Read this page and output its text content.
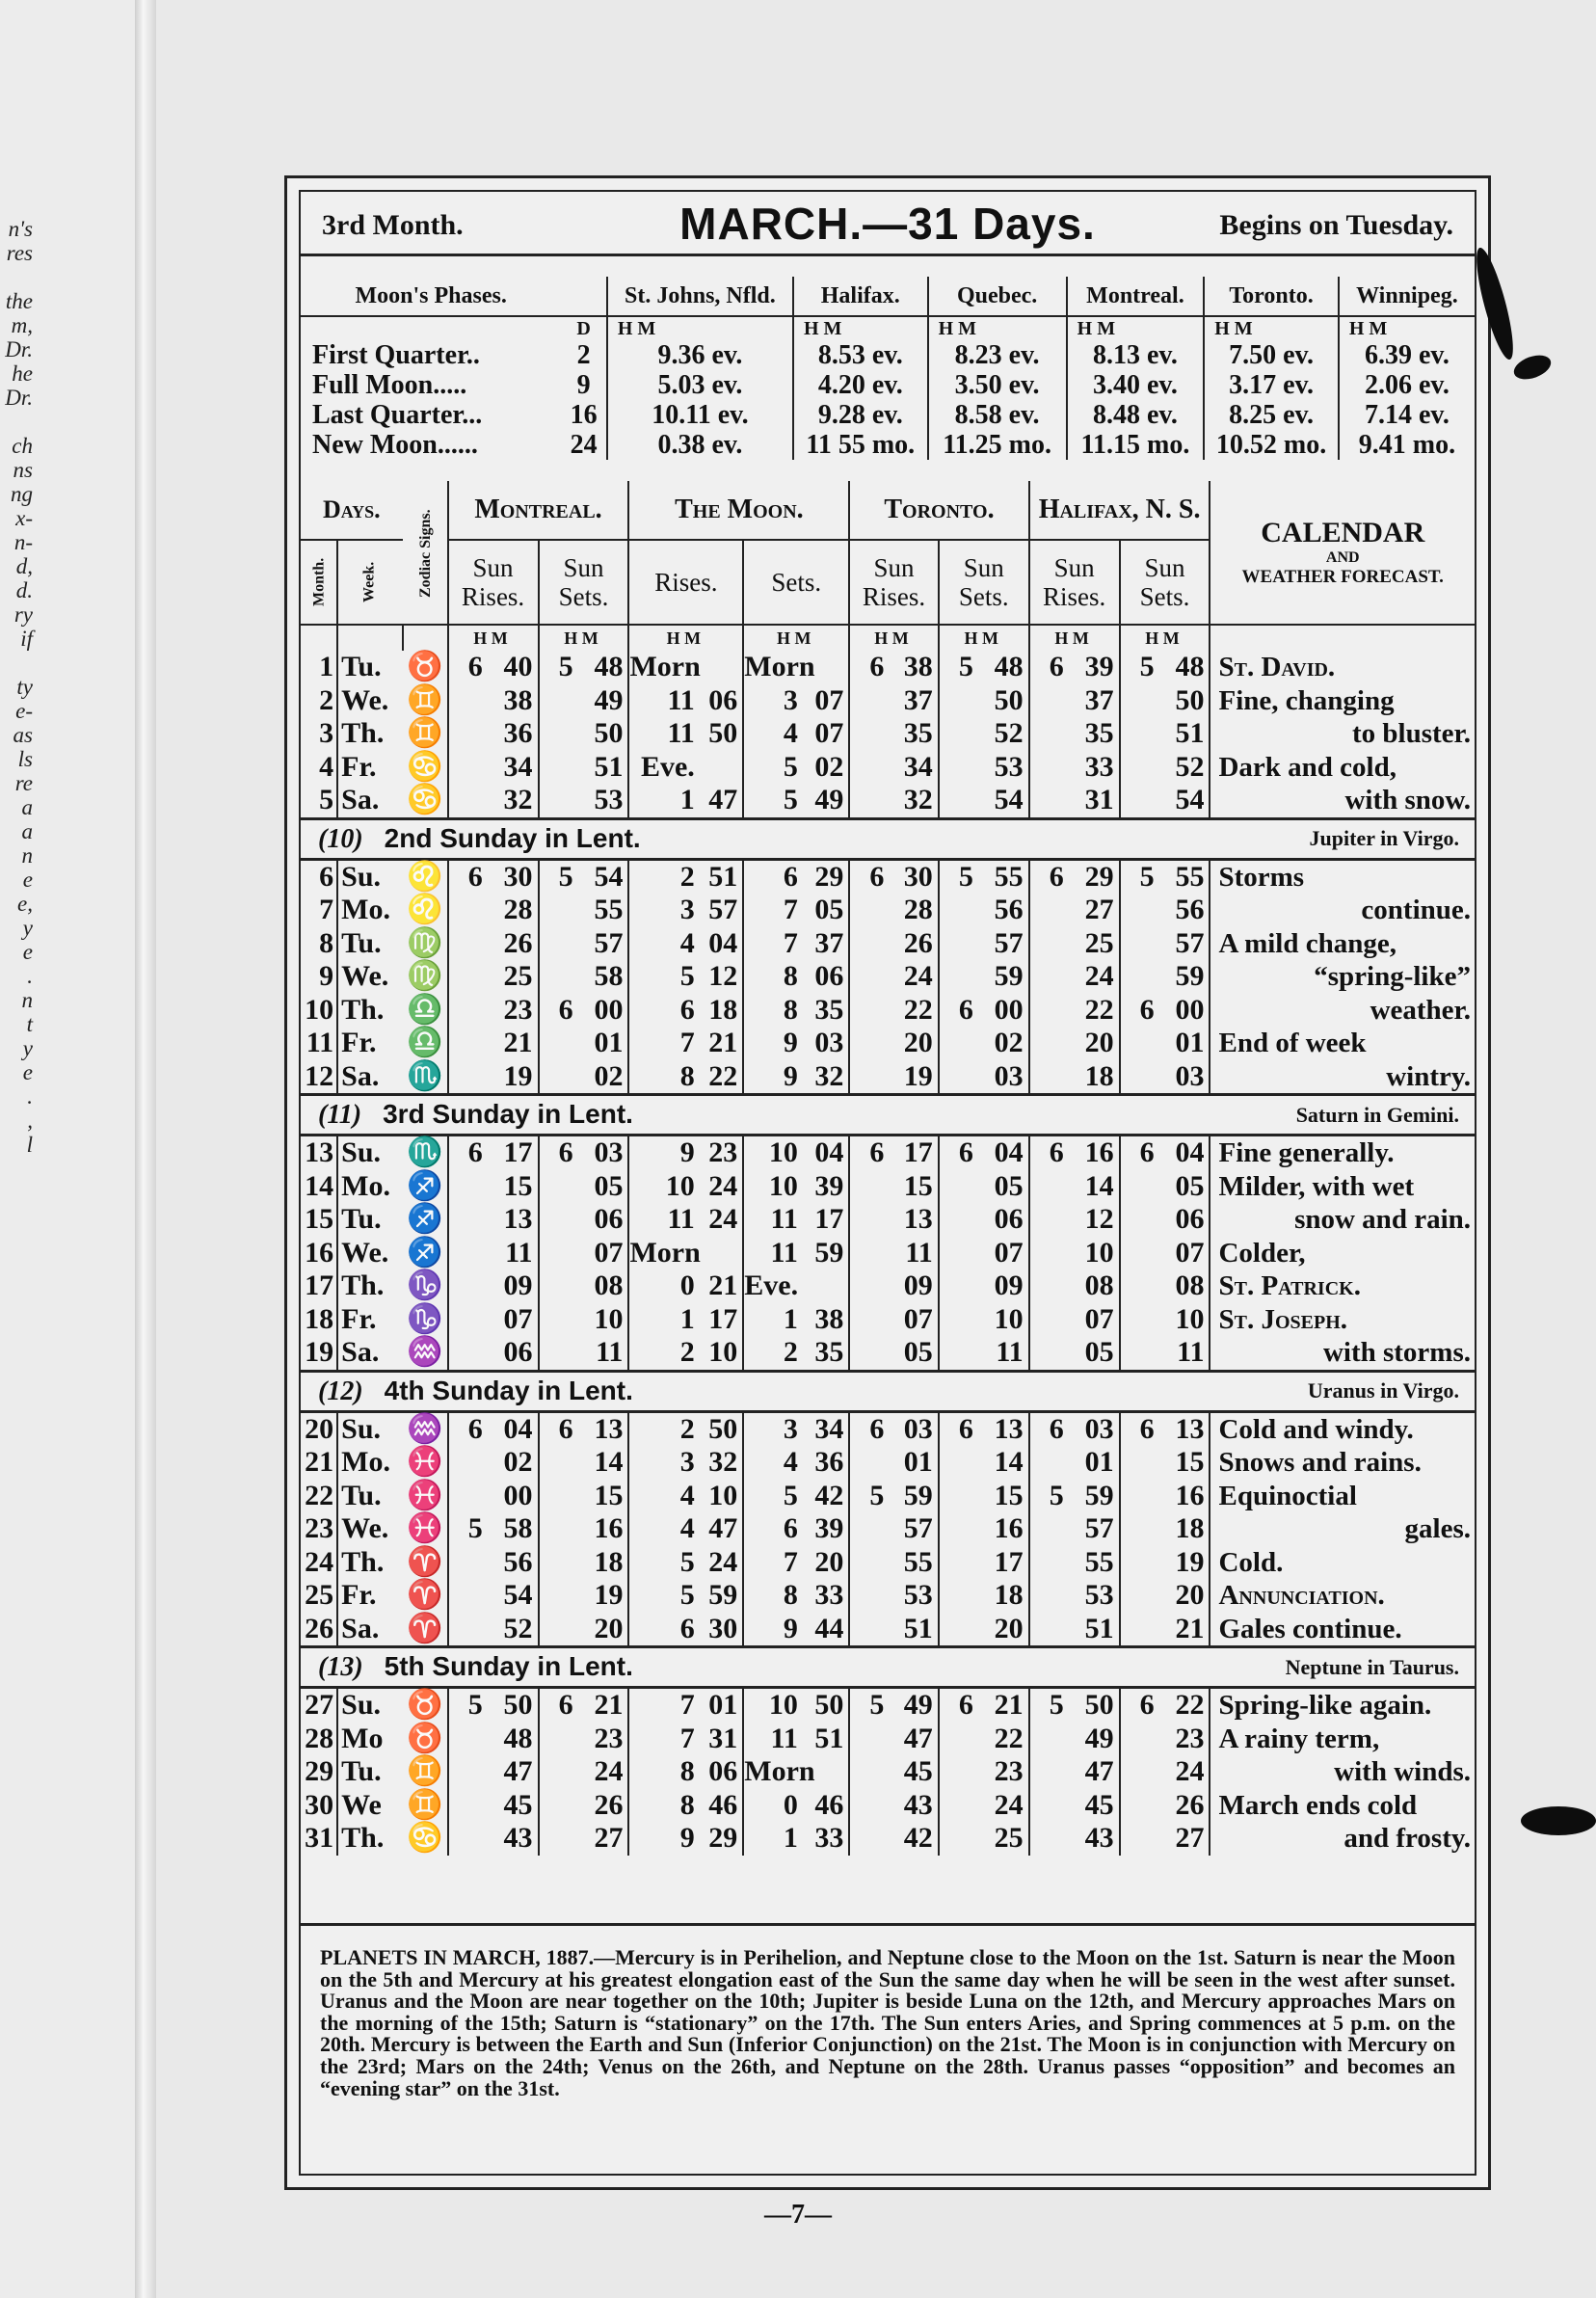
n's
res
the
m,
Dr.
he
Dr.
ch
ns
ng
x-
n-
d,
d.
ry
if
ty
e-
as
ls
re
a
a
n
e
e,
y
e
.
n
t
y
e
.
,
l
3rd Month.	MARCH.—31 Days.	Begins on Tuesday.
Moon's Phases.		St. Johns, Nfld.	Halifax.	Quebec.	Montreal.	Toronto.	Winnipeg.
	D	H M	H M	H M	H M	H M	H M
First Quarter..	2	9.36 ev.	8.53 ev.	8.23 ev.	8.13 ev.	7.50 ev.	6.39 ev.
Full Moon.....	9	5.03 ev.	4.20 ev.	3.50 ev.	3.40 ev.	3.17 ev.	2.06 ev.
Last Quarter...	16	10.11 ev.	9.28 ev.	8.58 ev.	8.48 ev.	8.25 ev.	7.14 ev.
New Moon......	24	0.38 ev.	11 55 mo.	11.25 mo.	11.15 mo.	10.52 mo.	9.41 mo.
Days.		Zodiac Signs.	Montreal.				The Moon.				Toronto.				Halifax, N. S.				CALENDAR
AND
WEATHER FORECAST.

Month.	Week.		Sun Rises.		Sun Sets.		Rises.		Sets.		Sun Rises.		Sun Sets.		Sun Rises.		Sun Sets.		
			H M		H M		H M		H M		H M		H M		H M		H M		
1	Tu.	♉	6	40	5	48	Morn		Morn		6	38	5	48	6	39	5	48	St. David.
2	We.	♊		38		49	11	06	3	07		37		50		37		50	Fine, changing
3	Th.	♊		36		50	11	50	4	07		35		52		35		51	to bluster.
4	Fr.	♋		34		51	Eve.		5	02		34		53		33		52	Dark and cold,
5	Sa.	♋		32		53	1	47	5	49		32		54		31		54	with snow.
(10) 2nd Sunday in Lent.																			Jupiter in Virgo.
6	Su.	♌	6	30	5	54	2	51	6	29	6	30	5	55	6	29	5	55	Storms
7	Mo.	♌		28		55	3	57	7	05		28		56		27		56	continue.
8	Tu.	♍		26		57	4	04	7	37		26		57		25		57	A mild change,
9	We.	♍		25		58	5	12	8	06		24		59		24		59	“spring-like”
10	Th.	♎		23	6	00	6	18	8	35		22	6	00		22	6	00	weather.
11	Fr.	♎		21		01	7	21	9	03		20		02		20		01	End of week
12	Sa.	♏		19		02	8	22	9	32		19		03		18		03	wintry.
(11) 3rd Sunday in Lent.																			Saturn in Gemini.
13	Su.	♏	6	17	6	03	9	23	10	04	6	17	6	04	6	16	6	04	Fine generally.
14	Mo.	♐		15		05	10	24	10	39		15		05		14		05	Milder, with wet
15	Tu.	♐		13		06	11	24	11	17		13		06		12		06	snow and rain.
16	We.	♐		11		07	Morn		11	59		11		07		10		07	Colder,
17	Th.	♑		09		08	0	21	Eve.			09		09		08		08	St. Patrick.
18	Fr.	♑		07		10	1	17	1	38		07		10		07		10	St. Joseph.
19	Sa.	♒		06		11	2	10	2	35		05		11		05		11	with storms.
(12) 4th Sunday in Lent.																			Uranus in Virgo.
20	Su.	♒	6	04	6	13	2	50	3	34	6	03	6	13	6	03	6	13	Cold and windy.
21	Mo.	♓		02		14	3	32	4	36		01		14		01		15	Snows and rains.
22	Tu.	♓		00		15	4	10	5	42	5	59		15	5	59		16	Equinoctial
23	We.	♓	5	58		16	4	47	6	39		57		16		57		18	gales.
24	Th.	♈		56		18	5	24	7	20		55		17		55		19	Cold.
25	Fr.	♈		54		19	5	59	8	33		53		18		53		20	Annunciation.
26	Sa.	♈		52		20	6	30	9	44		51		20		51		21	Gales continue.
(13) 5th Sunday in Lent.																			Neptune in Taurus.
27	Su.	♉	5	50	6	21	7	01	10	50	5	49	6	21	5	50	6	22	Spring-like again.
28	Mo	♉		48		23	7	31	11	51		47		22		49		23	A rainy term,
29	Tu.	♊		47		24	8	06	Morn			45		23		47		24	with winds.
30	We	♊		45		26	8	46	0	46		43		24		45		26	March ends cold
31	Th.	♋		43		27	9	29	1	33		42		25		43		27	and frosty.
PLANETS IN MARCH, 1887.—Mercury is in Perihelion, and Neptune close to the Moon on the 1st. Saturn is near the Moon on the 5th and Mercury at his greatest elongation east of the Sun the same day when he will be seen in the west after sunset. Uranus and the Moon are near together on the 10th; Jupiter is beside Luna on the 12th, and Mercury approaches Mars on the morning of the 15th; Saturn is “stationary” on the 17th. The Sun enters Aries, and Spring commences at 5 p.m. on the 20th. Mercury is between the Earth and Sun (Inferior Conjunction) on the 21st. The Moon is in conjunction with Mercury on the 23rd; Mars on the 24th; Venus on the 26th, and Neptune on the 28th. Uranus passes “opposition” and becomes an “evening star” on the 31st.
—7—
